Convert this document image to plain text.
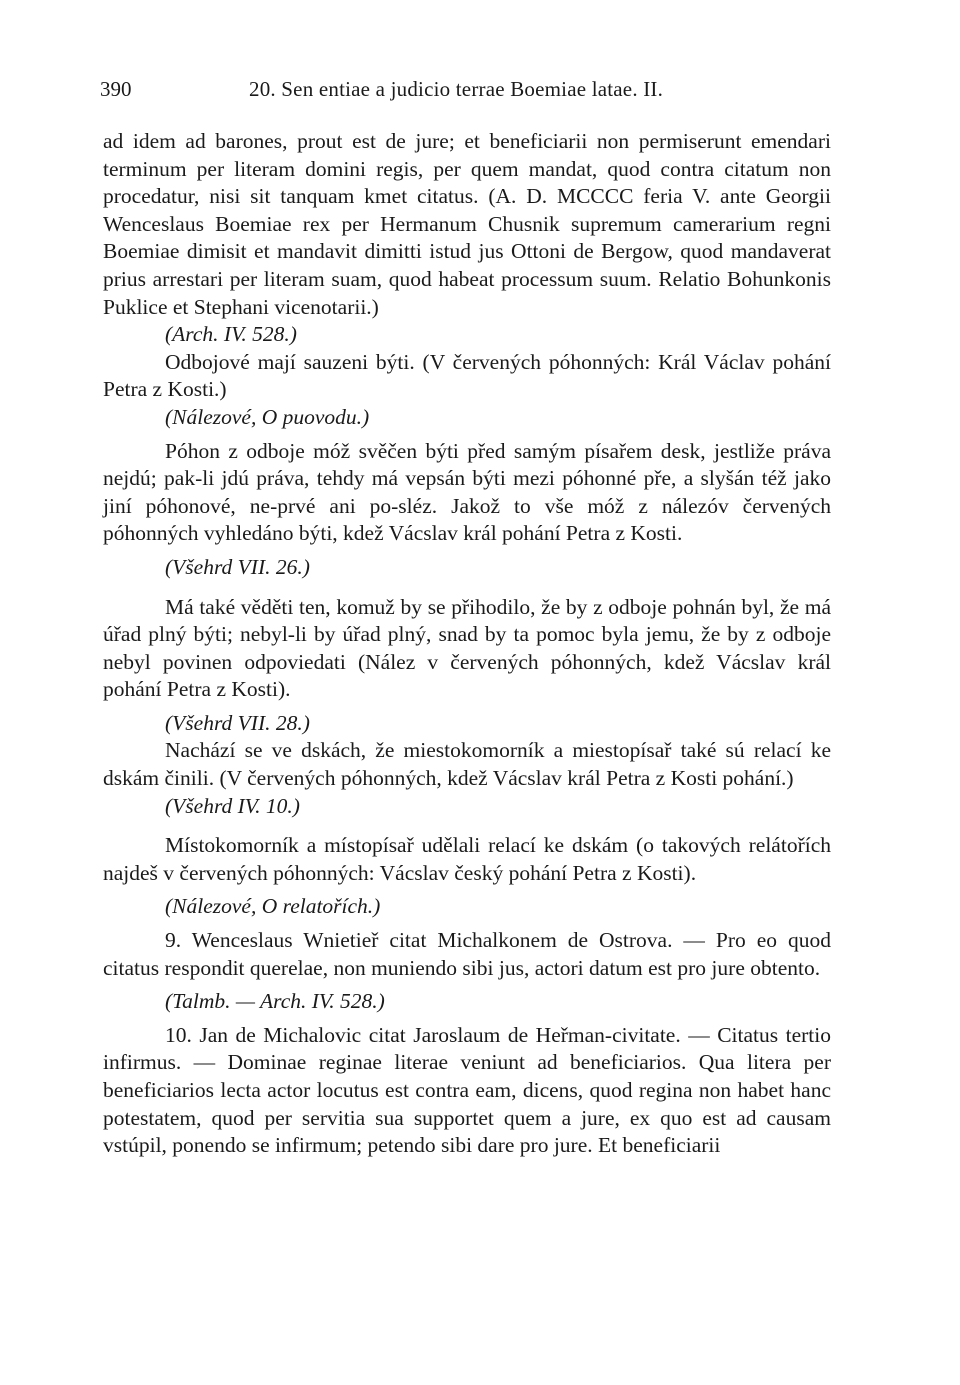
390	20. Sen entiae a judicio terrae Boemiae latae. II.

ad idem ad barones, prout est de jure; et beneficiarii non permiserunt emendari terminum per literam domini regis, per quem mandat, quod contra citatum non procedatur, nisi sit tanquam kmet citatus. (A. D. MCCCC feria V. ante Georgii Wenceslaus Boemiae rex per Hermanum Chusnik supremum camerarium regni Boemiae dimisit et mandavit dimitti istud jus Ottoni de Bergow, quod mandaverat prius arrestari per literam suam, quod habeat processum suum. Relatio Bohunkonis Puklice et Stephani vicenotarii.)

(Arch. IV. 528.)

Odbojové mají sauzeni býti. (V červených póhonných: Král Václav pohání Petra z Kosti.)

(Nálezové, O puovodu.)

Póhon z odboje móž svěčen býti před samým písařem desk, jestliže práva nejdú; pak-li jdú práva, tehdy má vepsán býti mezi póhonné pře, a slyšán též jako jiní póhonové, ne-prvé ani po-sléz. Jakož to vše móž z nálezóv červených póhonných vyhledáno býti, kdež Vácslav král pohání Petra z Kosti.

(Všehrd VII. 26.)

Má také věděti ten, komuž by se přihodilo, že by z odboje pohnán byl, že má úřad plný býti; nebyl-li by úřad plný, snad by ta pomoc byla jemu, že by z odboje nebyl povinen odpoviedati (Nález v červených póhonných, kdež Vácslav král pohání Petra z Kosti).

(Všehrd VII. 28.)

Nachází se ve dskách, že miestokomorník a miestopísař také sú relací ke dskám činili. (V červených póhonných, kdež Vácslav král Petra z Kosti pohání.)

(Všehrd IV. 10.)

Místokomorník a místopísař udělali relací ke dskám (o takových relátořích najdeš v červených póhonných: Vácslav český pohání Petra z Kosti).

(Nálezové, O relatořích.)

9. Wenceslaus Wnietieř citat Michalkonem de Ostrova. — Pro eo quod citatus respondit querelae, non muniendo sibi jus, actori datum est pro jure obtento.

(Talmb. — Arch. IV. 528.)

10. Jan de Michalovic citat Jaroslaum de Heřman-civitate. — Citatus tertio infirmus. — Dominae reginae literae veniunt ad beneficiarios. Qua litera per beneficiarios lecta actor locutus est contra eam, dicens, quod regina non habet hanc potestatem, quod per servitia sua supportet quem a jure, ex quo est ad causam vstúpil, ponendo se infirmum; petendo sibi dare pro jure. Et beneficiarii
